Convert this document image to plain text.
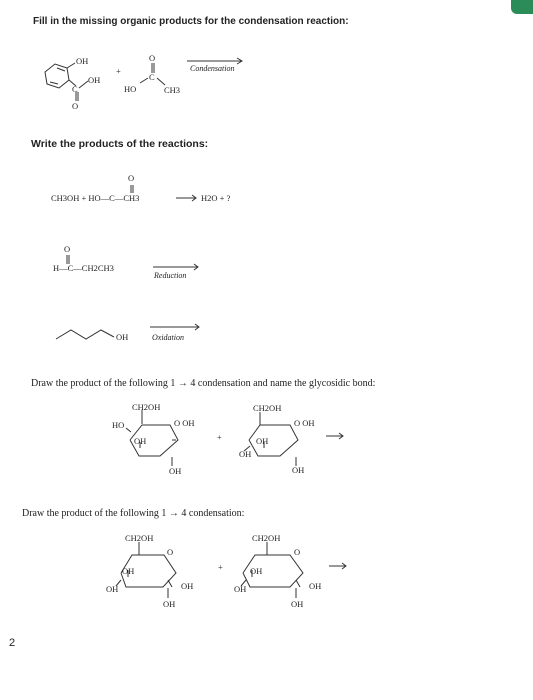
Fill in the missing organic products for the condensation reaction:
OH
C
OH
O
+
O
C
HO	CH3
Condensation
Write the products of the reactions:
O
CH3OH + HO—C—CH3	H2O + ?
O
H—C—CH2CH3
Reduction
OH	Oxidation
Draw the product of the following 1 → 4 condensation and name the glycosidic bond:
CH2OH
HO	O OH
OH
OH
+
CH2OH
O OH
OH
OH
OH
Draw the product of the following 1 → 4 condensation:
CH2OH
O
OH
OH	OH
OH
+
CH2OH
O
OH
OH	OH
OH
2
